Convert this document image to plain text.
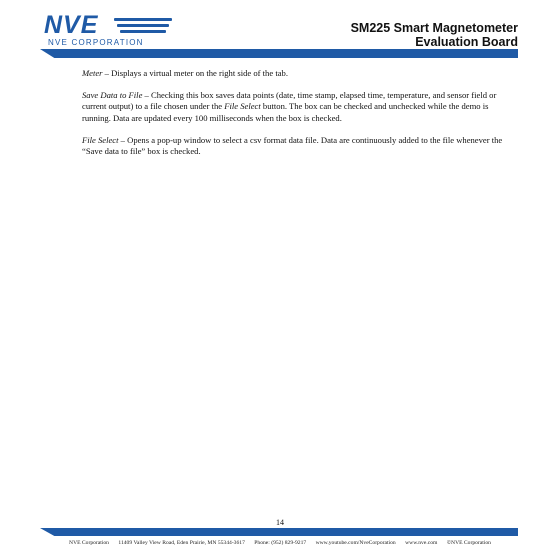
NVE
NVE CORPORATION
SM225 Smart Magnetometer
Evaluation Board

Meter – Displays a virtual meter on the right side of the tab.

Save Data to File – Checking this box saves data points (date, time stamp, elapsed time, temperature, and sensor field or current output) to a file chosen under the File Select button. The box can be checked and unchecked while the demo is running. Data are updated every 100 milliseconds when the box is checked.

File Select – Opens a pop-up window to select a csv format data file. Data are continuously added to the file whenever the “Save data to file” box is checked.

14
NVE Corporation 11409 Valley View Road, Eden Prairie, MN 55344-3617 Phone: (952) 829-9217 www.youtube.com/NveCorporation www.nve.com ©NVE Corporation
